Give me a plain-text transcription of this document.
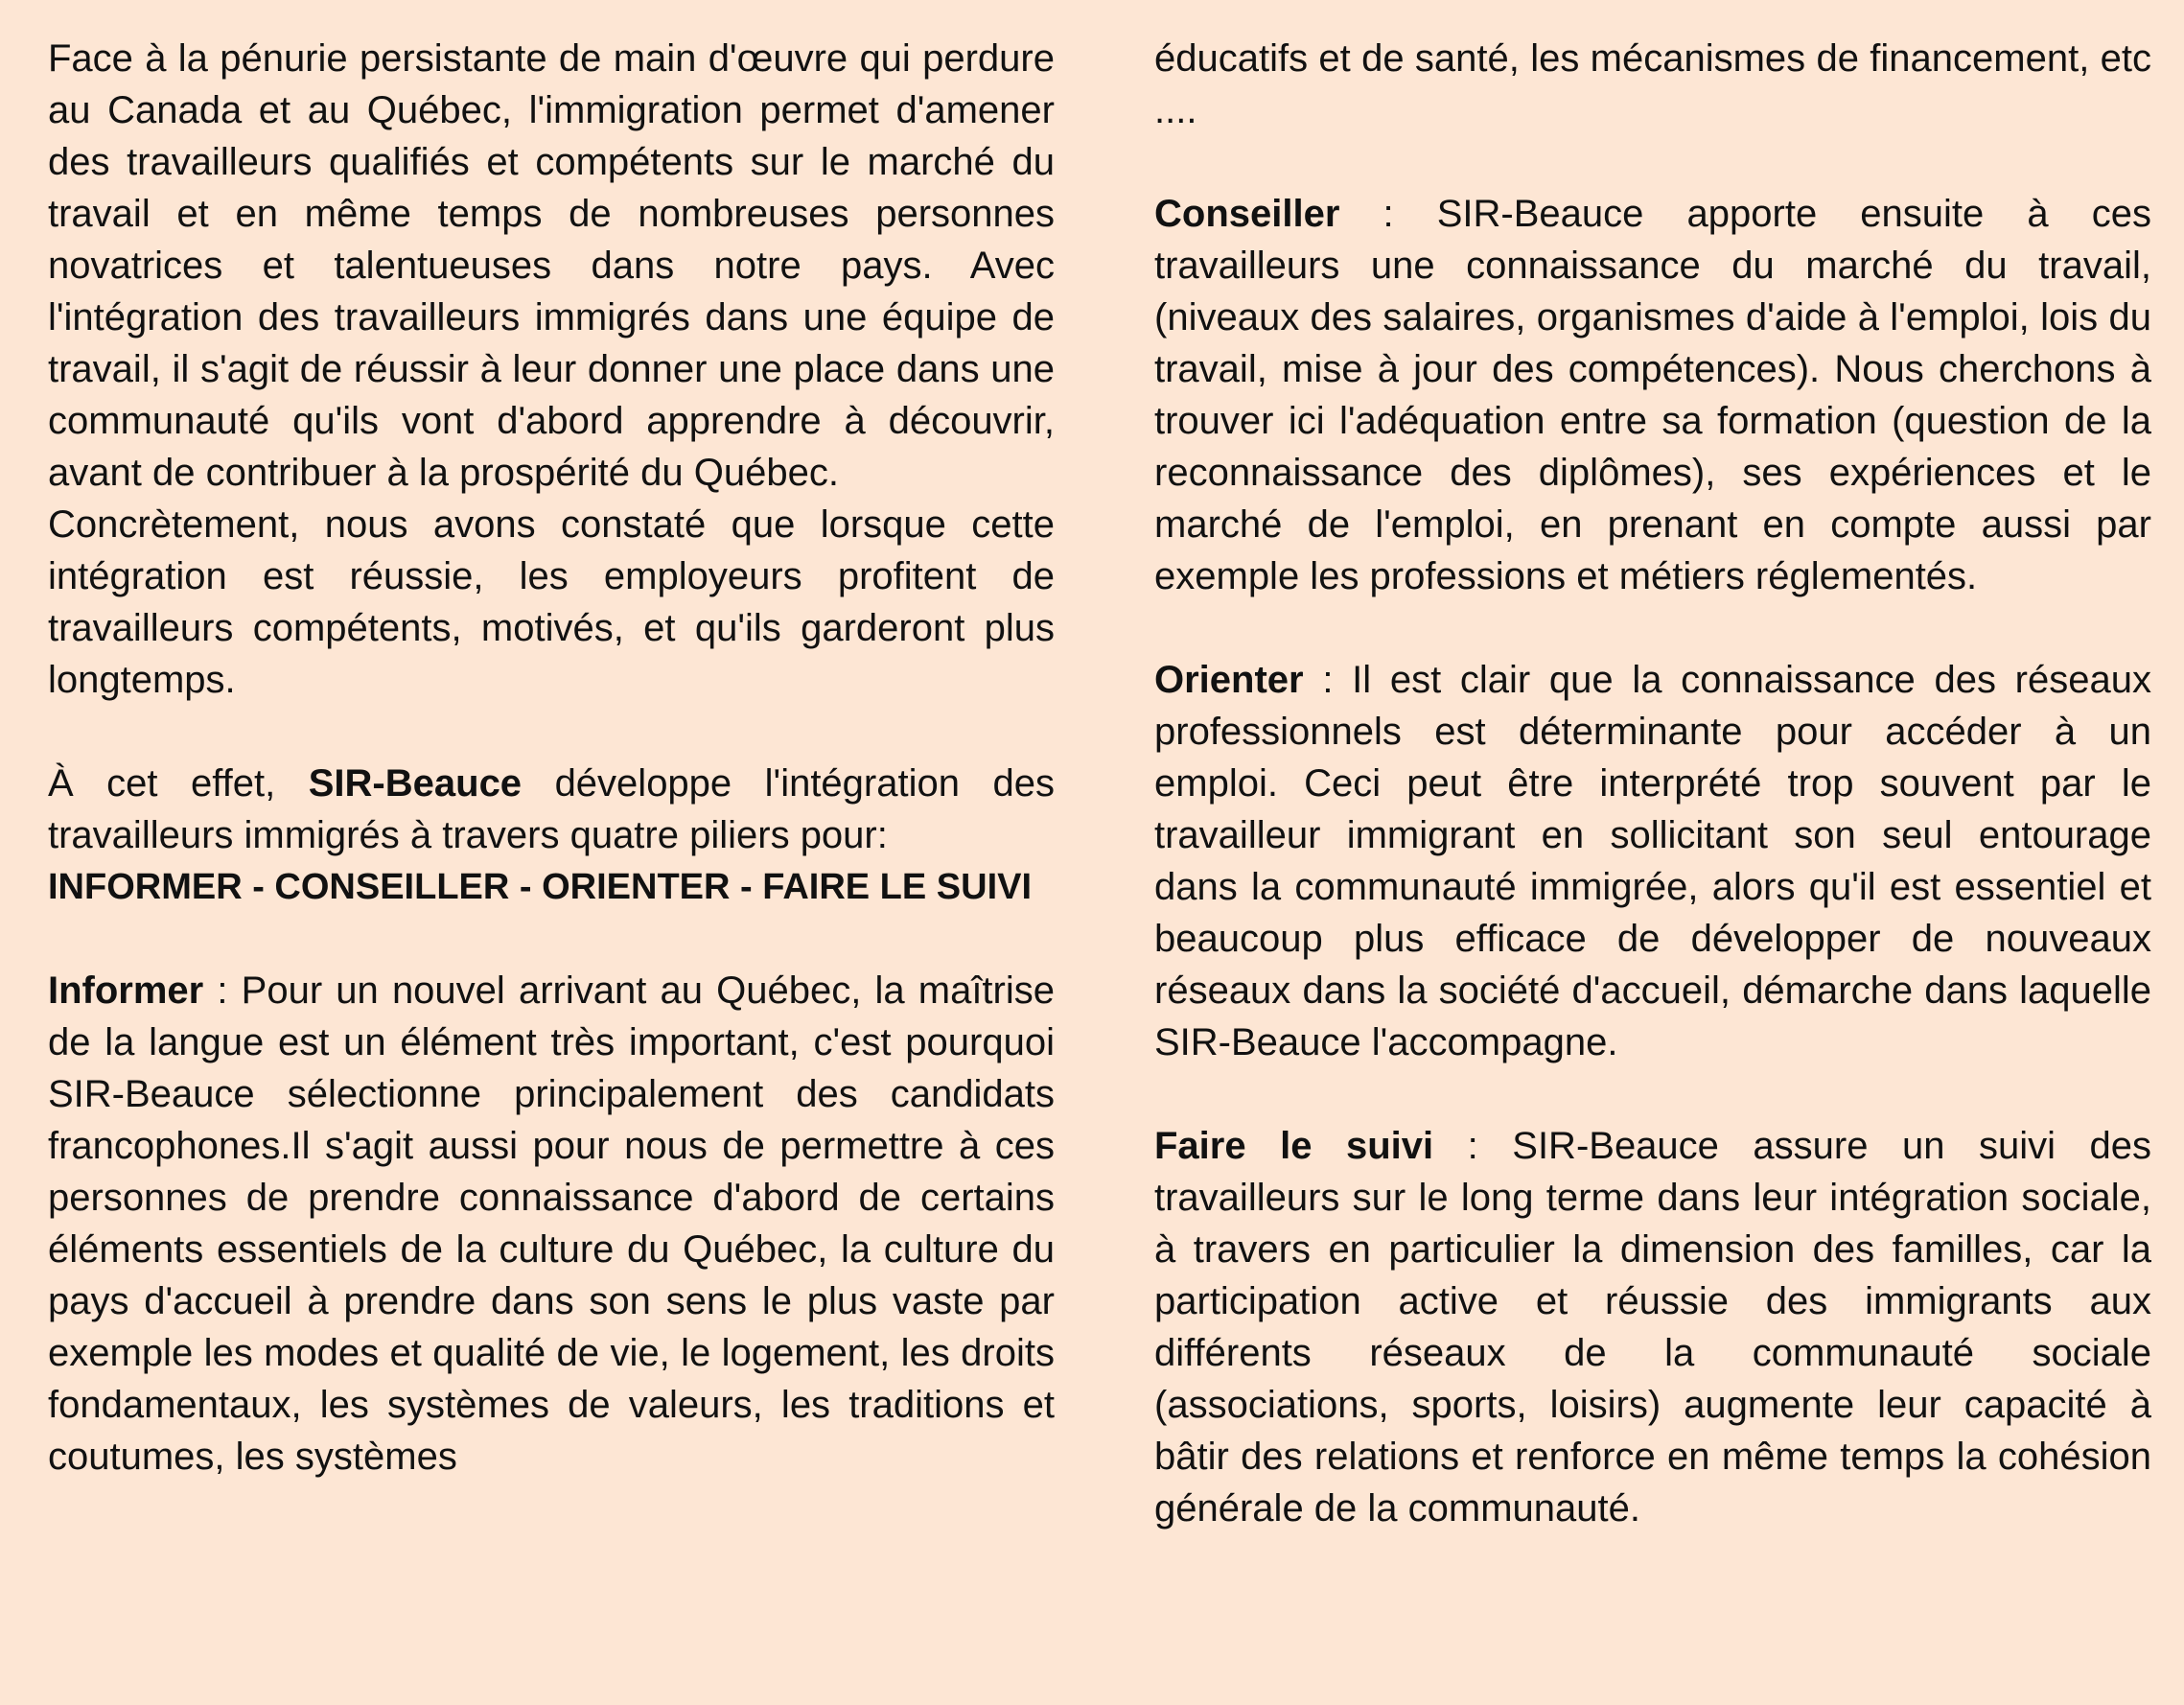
Face à la pénurie persistante de main d'œuvre qui perdure au Canada et au Québec, l'immigration permet d'amener des travailleurs qualifiés et compétents sur le marché du travail et en même temps de nombreuses personnes novatrices et talentueuses dans notre pays. Avec l'intégration des travailleurs immigrés dans une équipe de travail, il s'agit de réussir à leur donner une place dans une communauté qu'ils vont d'abord apprendre à découvrir, avant de contribuer à la prospérité du Québec.

Concrètement, nous avons constaté que lorsque cette intégration est réussie, les employeurs profitent de travailleurs compétents, motivés, et qu'ils garderont plus longtemps.

À cet effet, SIR-Beauce développe l'intégration des travailleurs immigrés à travers quatre piliers pour:

INFORMER - CONSEILLER - ORIENTER - FAIRE LE SUIVI

Informer : Pour un nouvel arrivant au Québec, la maîtrise de la langue est un élément très important, c'est pourquoi SIR-Beauce sélectionne principalement des candidats francophones.Il s'agit aussi pour nous de permettre à ces personnes de prendre connaissance d'abord de certains éléments essentiels de la culture du Québec, la culture du pays d'accueil à prendre dans son sens le plus vaste par exemple les modes et qualité de vie, le logement, les droits fondamentaux, les systèmes de valeurs, les traditions et coutumes, les systèmes

éducatifs et de santé, les mécanismes de financement, etc ....

Conseiller : SIR-Beauce apporte ensuite à ces travailleurs une connaissance du marché du travail, (niveaux des salaires, organismes d'aide à l'emploi, lois du travail, mise à jour des compétences). Nous cherchons à trouver ici l'adéquation entre sa formation (question de la reconnaissance des diplômes), ses expériences et le marché de l'emploi, en prenant en compte aussi par exemple les professions et métiers réglementés.

Orienter : Il est clair que la connaissance des réseaux professionnels est déterminante pour accéder à un emploi. Ceci peut être interprété trop souvent par le travailleur immigrant en sollicitant son seul entourage dans la communauté immigrée, alors qu'il est essentiel et beaucoup plus efficace de développer de nouveaux réseaux dans la société d'accueil, démarche dans laquelle SIR-Beauce l'accompagne.

Faire le suivi : SIR-Beauce assure un suivi des travailleurs sur le long terme dans leur intégration sociale, à travers en particulier la dimension des familles, car la participation active et réussie des immigrants aux différents réseaux de la communauté sociale (associations, sports, loisirs) augmente leur capacité à bâtir des relations et renforce en même temps la cohésion générale de la communauté.
